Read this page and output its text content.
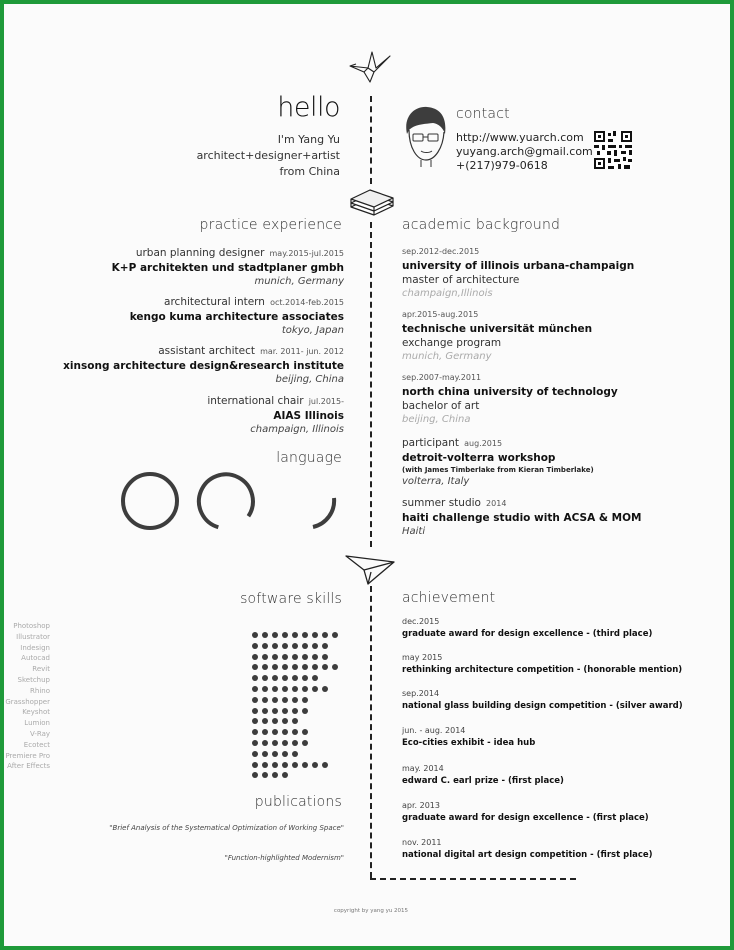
hello
I'm Yang Yu
architect+designer+artist
from China
contact
http://www.yuarch.com
yuyang.arch@gmail.com
+(217)979-0618
practice experience
urban planning designer may.2015-jul.2015
K+P architekten und stadtplaner gmbh
munich, Germany
architectural intern oct.2014-feb.2015
kengo kuma architecture associates
tokyo, Japan
assistant architect mar. 2011- jun. 2012
xinsong architecture design&research institute
beijing, China
international chair jul.2015-
AIAS Illinois
champaign, Illinois
language
academic background
sep.2012-dec.2015
university of illinois urbana-champaign
master of architecture
champaign,Illinois
apr.2015-aug.2015
technische universität münchen
exchange program
munich, Germany
sep.2007-may.2011
north china university of technology
bachelor of art
beijing, China
participant aug.2015
detroit-volterra workshop
(with James Timberlake from Kieran Timberlake)
volterra, Italy
summer studio 2014
haiti challenge studio with ACSA & MOM
Haiti
software skills
publications
"Brief Analysis of the Systematical Optimization of Working Space"
"Function-highlighted Modernism"
achievement
copyright by yang yu 2015
Photoshop
Illustrator
Indesign
Autocad
Revit
Sketchup
Rhino
Grasshopper
Keyshot
Lumion
V-Ray
Ecotect
Premiere Pro
After Effects
dec.2015
graduate award for design excellence - (third place)
may 2015
rethinking architecture competition - (honorable mention)
sep.2014
national glass building design competition - (silver award)
jun. - aug. 2014
Eco-cities exhibit - idea hub
may. 2014
edward C. earl prize - (first place)
apr. 2013
graduate award for design excellence - (first place)
nov. 2011
national digital art design competition - (first place)
